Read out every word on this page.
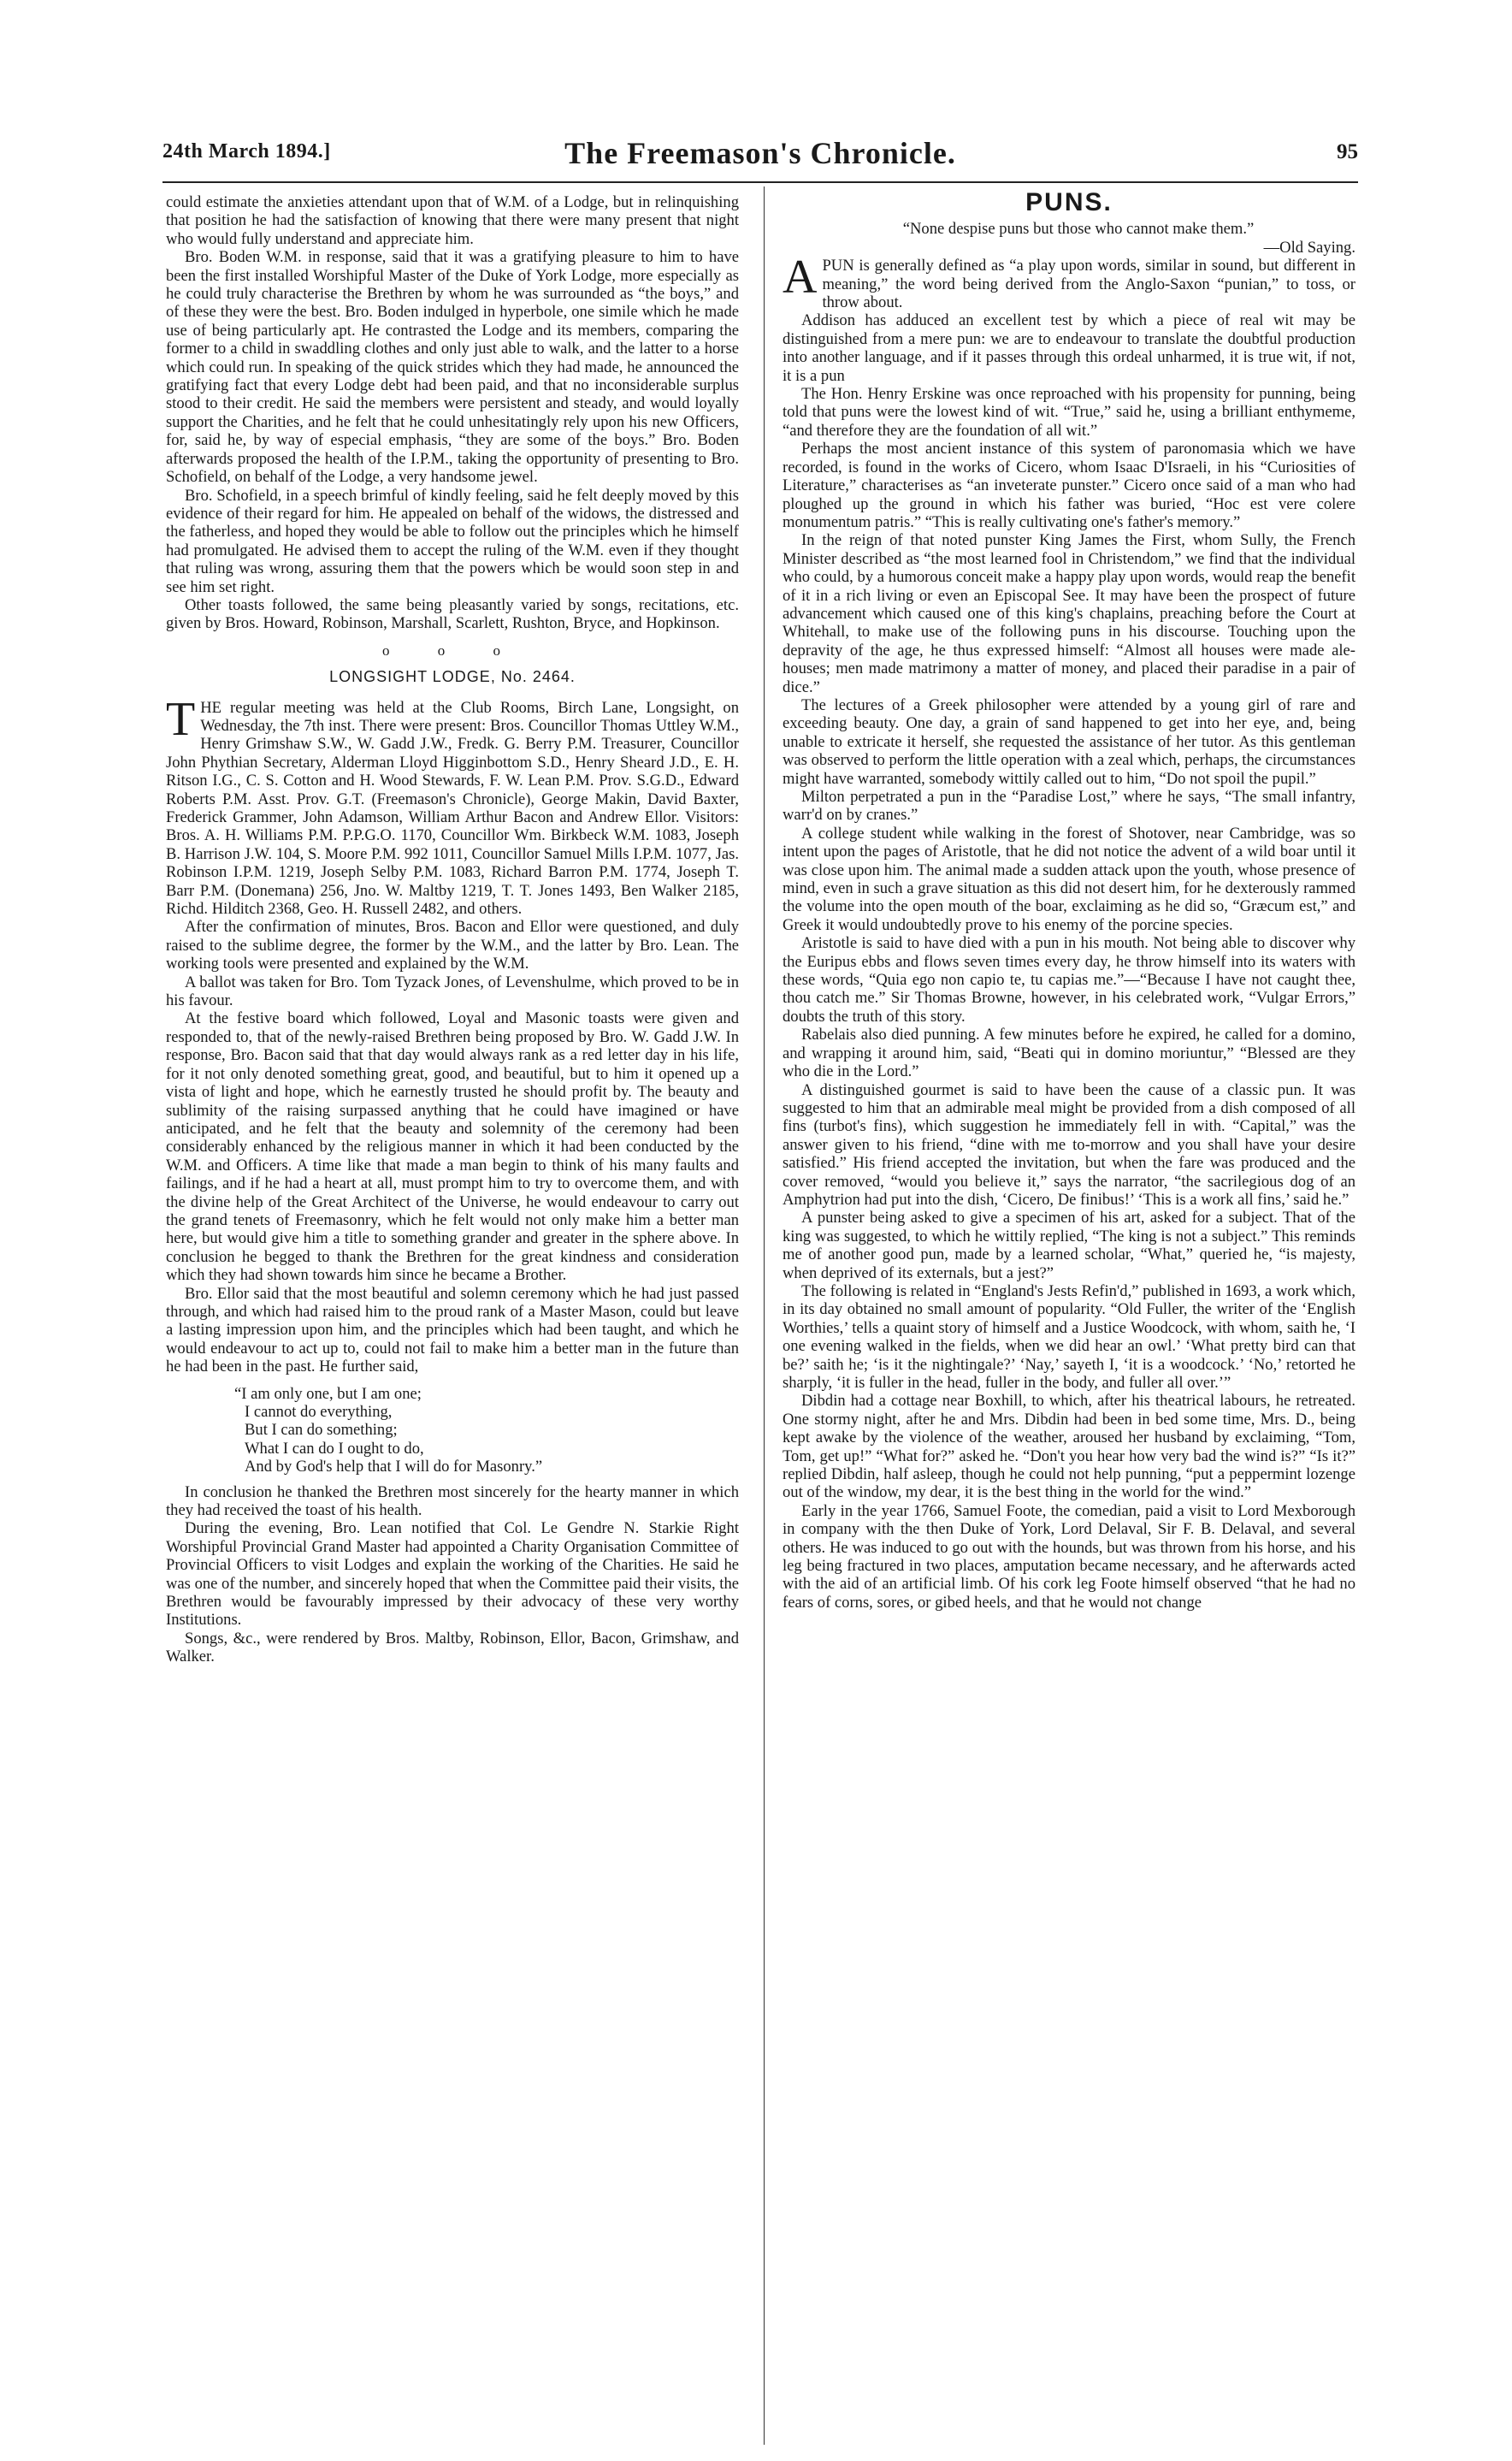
24th March 1894.]	The Freemason's Chronicle.	95

could estimate the anxieties attendant upon that of W.M. of a Lodge, but in relinquishing that position he had the satisfaction of knowing that there were many present that night who would fully understand and appreciate him.

Bro. Boden W.M. in response, said that it was a gratifying pleasure to him to have been the first installed Worshipful Master of the Duke of York Lodge, more especially as he could truly characterise the Brethren by whom he was surrounded as “the boys,” and of these they were the best. Bro. Boden indulged in hyperbole, one simile which he made use of being particularly apt. He contrasted the Lodge and its members, comparing the former to a child in swaddling clothes and only just able to walk, and the latter to a horse which could run. In speaking of the quick strides which they had made, he announced the gratifying fact that every Lodge debt had been paid, and that no inconsiderable surplus stood to their credit. He said the members were persistent and steady, and would loyally support the Charities, and he felt that he could unhesitatingly rely upon his new Officers, for, said he, by way of especial emphasis, “they are some of the boys.” Bro. Boden afterwards proposed the health of the I.P.M., taking the opportunity of presenting to Bro. Schofield, on behalf of the Lodge, a very handsome jewel.

Bro. Schofield, in a speech brimful of kindly feeling, said he felt deeply moved by this evidence of their regard for him. He appealed on behalf of the widows, the distressed and the fatherless, and hoped they would be able to follow out the principles which he himself had promulgated. He advised them to accept the ruling of the W.M. even if they thought that ruling was wrong, assuring them that the powers which be would soon step in and see him set right.

Other toasts followed, the same being pleasantly varied by songs, recitations, etc. given by Bros. Howard, Robinson, Marshall, Scarlett, Rushton, Bryce, and Hopkinson.

o o o
LONGSIGHT LODGE, No. 2464.

THE regular meeting was held at the Club Rooms, Birch Lane, Longsight, on Wednesday, the 7th inst. There were present: Bros. Councillor Thomas Uttley W.M., Henry Grimshaw S.W., W. Gadd J.W., Fredk. G. Berry P.M. Treasurer, Councillor John Phythian Secretary, Alderman Lloyd Higginbottom S.D., Henry Sheard J.D., E. H. Ritson I.G., C. S. Cotton and H. Wood Stewards, F. W. Lean P.M. Prov. S.G.D., Edward Roberts P.M. Asst. Prov. G.T. (Freemason's Chronicle), George Makin, David Baxter, Frederick Grammer, John Adamson, William Arthur Bacon and Andrew Ellor. Visitors: Bros. A. H. Williams P.M. P.P.G.O. 1170, Councillor Wm. Birkbeck W.M. 1083, Joseph B. Harrison J.W. 104, S. Moore P.M. 992 1011, Councillor Samuel Mills I.P.M. 1077, Jas. Robinson I.P.M. 1219, Joseph Selby P.M. 1083, Richard Barron P.M. 1774, Joseph T. Barr P.M. (Donemana) 256, Jno. W. Maltby 1219, T. T. Jones 1493, Ben Walker 2185, Richd. Hilditch 2368, Geo. H. Russell 2482, and others.

After the confirmation of minutes, Bros. Bacon and Ellor were questioned, and duly raised to the sublime degree, the former by the W.M., and the latter by Bro. Lean. The working tools were presented and explained by the W.M.

A ballot was taken for Bro. Tom Tyzack Jones, of Levenshulme, which proved to be in his favour.

At the festive board which followed, Loyal and Masonic toasts were given and responded to, that of the newly-raised Brethren being proposed by Bro. W. Gadd J.W. In response, Bro. Bacon said that that day would always rank as a red letter day in his life, for it not only denoted something great, good, and beautiful, but to him it opened up a vista of light and hope, which he earnestly trusted he should profit by. The beauty and sublimity of the raising surpassed anything that he could have imagined or have anticipated, and he felt that the beauty and solemnity of the ceremony had been considerably enhanced by the religious manner in which it had been conducted by the W.M. and Officers. A time like that made a man begin to think of his many faults and failings, and if he had a heart at all, must prompt him to try to overcome them, and with the divine help of the Great Architect of the Universe, he would endeavour to carry out the grand tenets of Freemasonry, which he felt would not only make him a better man here, but would give him a title to something grander and greater in the sphere above. In conclusion he begged to thank the Brethren for the great kindness and consideration which they had shown towards him since he became a Brother.

Bro. Ellor said that the most beautiful and solemn ceremony which he had just passed through, and which had raised him to the proud rank of a Master Mason, could but leave a lasting impression upon him, and the principles which had been taught, and which he would endeavour to act up to, could not fail to make him a better man in the future than he had been in the past. He further said,

“I am only one, but I am one;
I cannot do everything,
But I can do something;
What I can do I ought to do,
And by God's help that I will do for Masonry.”

In conclusion he thanked the Brethren most sincerely for the hearty manner in which they had received the toast of his health.

During the evening, Bro. Lean notified that Col. Le Gendre N. Starkie Right Worshipful Provincial Grand Master had appointed a Charity Organisation Committee of Provincial Officers to visit Lodges and explain the working of the Charities. He said he was one of the number, and sincerely hoped that when the Committee paid their visits, the Brethren would be favourably impressed by their advocacy of these very worthy Institutions.

Songs, &c., were rendered by Bros. Maltby, Robinson, Ellor, Bacon, Grimshaw, and Walker.

PUNS.

“None despise puns but those who cannot make them.”

—Old Saying.

APUN is generally defined as “a play upon words, similar in sound, but different in meaning,” the word being derived from the Anglo-Saxon “punian,” to toss, or throw about.

Addison has adduced an excellent test by which a piece of real wit may be distinguished from a mere pun: we are to endeavour to translate the doubtful production into another language, and if it passes through this ordeal unharmed, it is true wit, if not, it is a pun

The Hon. Henry Erskine was once reproached with his propensity for punning, being told that puns were the lowest kind of wit. “True,” said he, using a brilliant enthymeme, “and therefore they are the foundation of all wit.”

Perhaps the most ancient instance of this system of paronomasia which we have recorded, is found in the works of Cicero, whom Isaac D'Israeli, in his “Curiosities of Literature,” characterises as “an inveterate punster.” Cicero once said of a man who had ploughed up the ground in which his father was buried, “Hoc est vere colere monumentum patris.” “This is really cultivating one's father's memory.”

In the reign of that noted punster King James the First, whom Sully, the French Minister described as “the most learned fool in Christendom,” we find that the individual who could, by a humorous conceit make a happy play upon words, would reap the benefit of it in a rich living or even an Episcopal See. It may have been the prospect of future advancement which caused one of this king's chaplains, preaching before the Court at Whitehall, to make use of the following puns in his discourse. Touching upon the depravity of the age, he thus expressed himself: “Almost all houses were made ale-houses; men made matrimony a matter of money, and placed their paradise in a pair of dice.”

The lectures of a Greek philosopher were attended by a young girl of rare and exceeding beauty. One day, a grain of sand happened to get into her eye, and, being unable to extricate it herself, she requested the assistance of her tutor. As this gentleman was observed to perform the little operation with a zeal which, perhaps, the circumstances might have warranted, somebody wittily called out to him, “Do not spoil the pupil.”

Milton perpetrated a pun in the “Paradise Lost,” where he says, “The small infantry, warr'd on by cranes.”

A college student while walking in the forest of Shotover, near Cambridge, was so intent upon the pages of Aristotle, that he did not notice the advent of a wild boar until it was close upon him. The animal made a sudden attack upon the youth, whose presence of mind, even in such a grave situation as this did not desert him, for he dexterously rammed the volume into the open mouth of the boar, exclaiming as he did so, “Græcum est,” and Greek it would undoubtedly prove to his enemy of the porcine species.

Aristotle is said to have died with a pun in his mouth. Not being able to discover why the Euripus ebbs and flows seven times every day, he throw himself into its waters with these words, “Quia ego non capio te, tu capias me.”—“Because I have not caught thee, thou catch me.” Sir Thomas Browne, however, in his celebrated work, “Vulgar Errors,” doubts the truth of this story.

Rabelais also died punning. A few minutes before he expired, he called for a domino, and wrapping it around him, said, “Beati qui in domino moriuntur,” “Blessed are they who die in the Lord.”

A distinguished gourmet is said to have been the cause of a classic pun. It was suggested to him that an admirable meal might be provided from a dish composed of all fins (turbot's fins), which suggestion he immediately fell in with. “Capital,” was the answer given to his friend, “dine with me to-morrow and you shall have your desire satisfied.” His friend accepted the invitation, but when the fare was produced and the cover removed, “would you believe it,” says the narrator, “the sacrilegious dog of an Amphytrion had put into the dish, ‘Cicero, De finibus!’ ‘This is a work all fins,’ said he.”

A punster being asked to give a specimen of his art, asked for a subject. That of the king was suggested, to which he wittily replied, “The king is not a subject.” This reminds me of another good pun, made by a learned scholar, “What,” queried he, “is majesty, when deprived of its externals, but a jest?”

The following is related in “England's Jests Refin'd,” published in 1693, a work which, in its day obtained no small amount of popularity. “Old Fuller, the writer of the ‘English Worthies,’ tells a quaint story of himself and a Justice Woodcock, with whom, saith he, ‘I one evening walked in the fields, when we did hear an owl.’ ‘What pretty bird can that be?’ saith he; ‘is it the nightingale?’ ‘Nay,’ sayeth I, ‘it is a woodcock.’ ‘No,’ retorted he sharply, ‘it is fuller in the head, fuller in the body, and fuller all over.’”

Dibdin had a cottage near Boxhill, to which, after his theatrical labours, he retreated. One stormy night, after he and Mrs. Dibdin had been in bed some time, Mrs. D., being kept awake by the violence of the weather, aroused her husband by exclaiming, “Tom, Tom, get up!” “What for?” asked he. “Don't you hear how very bad the wind is?” “Is it?” replied Dibdin, half asleep, though he could not help punning, “put a peppermint lozenge out of the window, my dear, it is the best thing in the world for the wind.”

Early in the year 1766, Samuel Foote, the comedian, paid a visit to Lord Mexborough in company with the then Duke of York, Lord Delaval, Sir F. B. Delaval, and several others. He was induced to go out with the hounds, but was thrown from his horse, and his leg being fractured in two places, amputation became necessary, and he afterwards acted with the aid of an artificial limb. Of his cork leg Foote himself observed “that he had no fears of corns, sores, or gibed heels, and that he would not change
